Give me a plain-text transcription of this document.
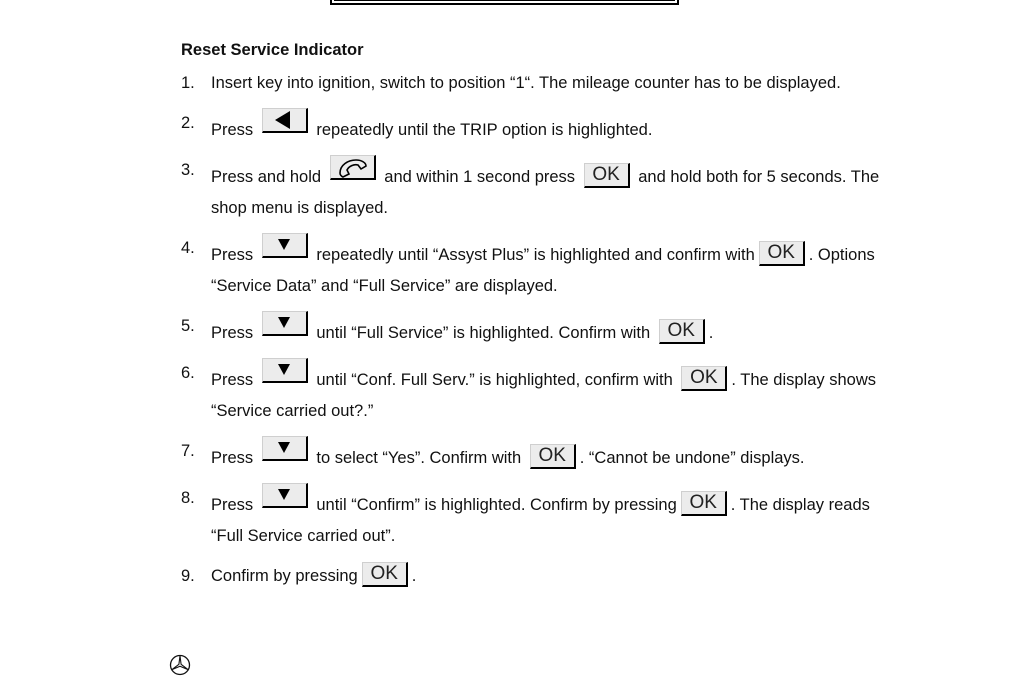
Reset Service Indicator
1. Insert key into ignition, switch to position “1“. The mileage counter has to be displayed.
2. Press	repeatedly until the TRIP option is highlighted.
3. Press and hold	and within 1 second press OK and hold both for 5 seconds. The shop menu is displayed.
4. Press	repeatedly until “Assyst Plus” is highlighted and confirm with OK . Options “Service Data” and “Full Service” are displayed.
5. Press	until “Full Service” is highlighted. Confirm with OK .
6. Press	until “Conf. Full Serv.” is highlighted, confirm with OK . The display shows “Service carried out?.”
7. Press	to select “Yes”. Confirm with OK . “Cannot be undone” displays.
8. Press	until “Confirm” is highlighted. Confirm by pressing OK . The display reads “Full Service carried out”.
9. Confirm by pressing OK .
